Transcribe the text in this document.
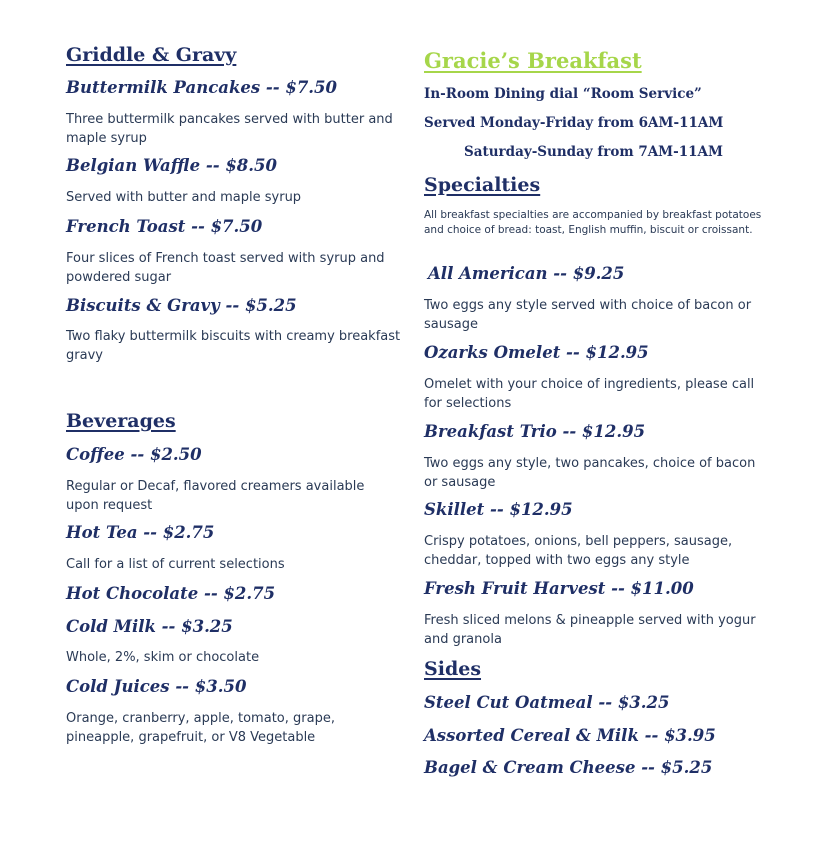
Griddle & Gravy
Buttermilk Pancakes -- $7.50
Three buttermilk pancakes served with butter and maple syrup
Belgian Waffle -- $8.50
Served with butter and maple syrup
French Toast -- $7.50
Four slices of French toast served with syrup and powdered sugar
Biscuits & Gravy -- $5.25
Two flaky buttermilk biscuits with creamy breakfast gravy
Beverages
Coffee -- $2.50
Regular or Decaf, flavored creamers available upon request
Hot Tea -- $2.75
Call for a list of current selections
Hot Chocolate -- $2.75
Cold Milk -- $3.25
Whole, 2%, skim or chocolate
Cold Juices -- $3.50
Orange, cranberry, apple, tomato, grape, pineapple, grapefruit, or V8 Vegetable
Gracie’s Breakfast
In-Room Dining dial “Room Service”
Served Monday-Friday from 6AM-11AM
Saturday-Sunday from 7AM-11AM
Specialties
All breakfast specialties are accompanied by breakfast potatoes and choice of bread: toast, English muffin, biscuit or croissant.
All American -- $9.25
Two eggs any style served with choice of bacon or sausage
Ozarks Omelet -- $12.95
Omelet with your choice of ingredients, please call for selections
Breakfast Trio -- $12.95
Two eggs any style, two pancakes, choice of bacon or sausage
Skillet -- $12.95
Crispy potatoes, onions, bell peppers, sausage, cheddar, topped with two eggs any style
Fresh Fruit Harvest -- $11.00
Fresh sliced melons & pineapple served with yogur and granola
Sides
Steel Cut Oatmeal -- $3.25
Assorted Cereal & Milk -- $3.95
Bagel & Cream Cheese -- $5.25
